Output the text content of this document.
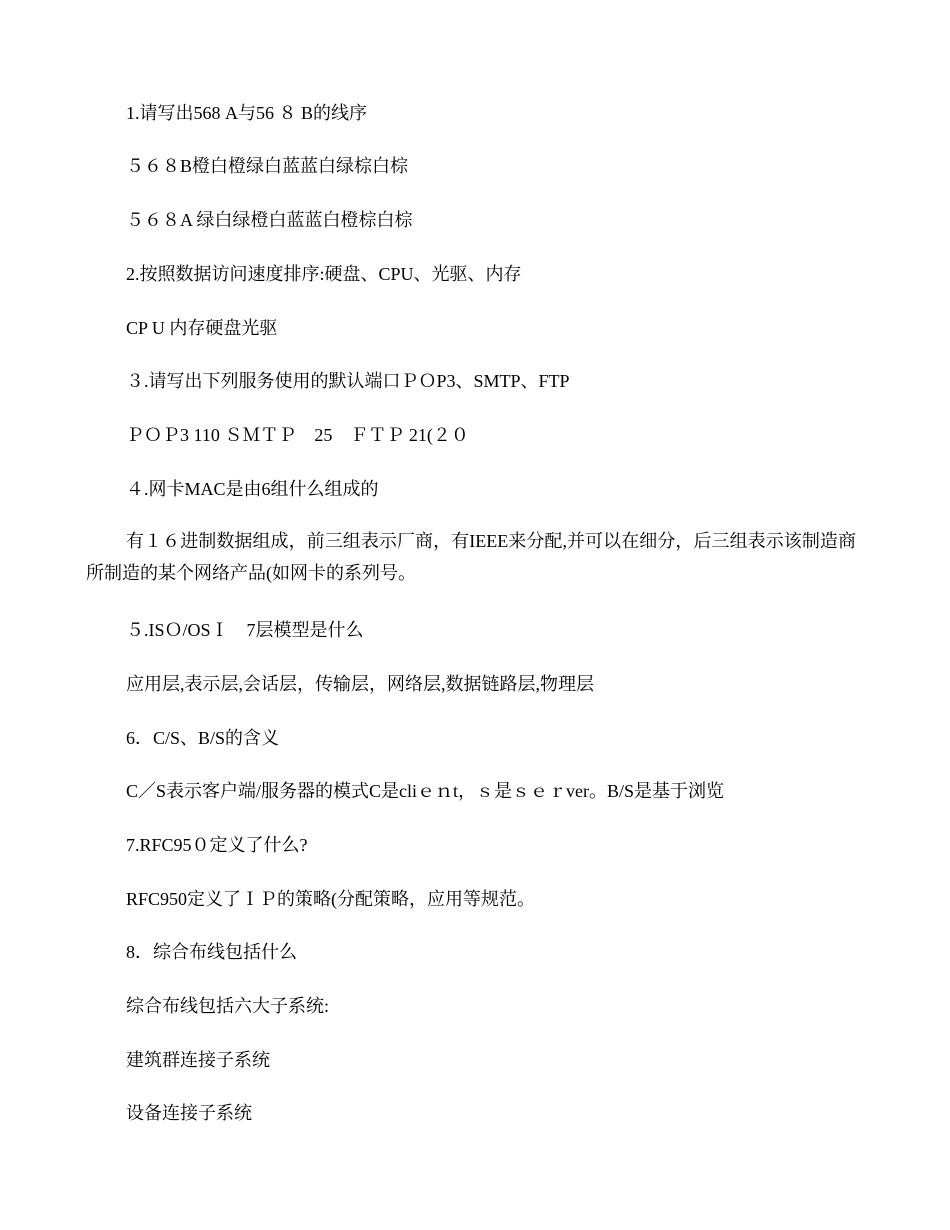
1.请写出568 A与56 ８ B的线序
５６８B橙白橙绿白蓝蓝白绿棕白棕
５６８A 绿白绿橙白蓝蓝白橙棕白棕
2.按照数据访问速度排序:硬盘、CPU、光驱、内存
CP U 内存硬盘光驱
３.请写出下列服务使用的默认端口ＰＯP3、SMTP、FTP
ＰＯＰ3 110 ＳＭＴＰ　25　ＦＴＰ 21(２０
４.网卡MAC是由6组什么组成的
有１６进制数据组成，前三组表示厂商，有IEEE来分配,并可以在细分，后三组表示该制造商所制造的某个网络产品(如网卡的系列号。
５.ISＯ/OSＩ　7层模型是什么
应用层,表示层,会话层，传输层，网络层,数据链路层,物理层
6．C/S、B/S的含义
C／S表示客户端/服务器的模式C是cliｅｎt，ｓ是ｓｅｒver。B/S是基于浏览
7.RFC95０定义了什么?
RFC950定义了ＩＰ的策略(分配策略，应用等规范。
8．综合布线包括什么
综合布线包括六大子系统:
建筑群连接子系统
设备连接子系统
